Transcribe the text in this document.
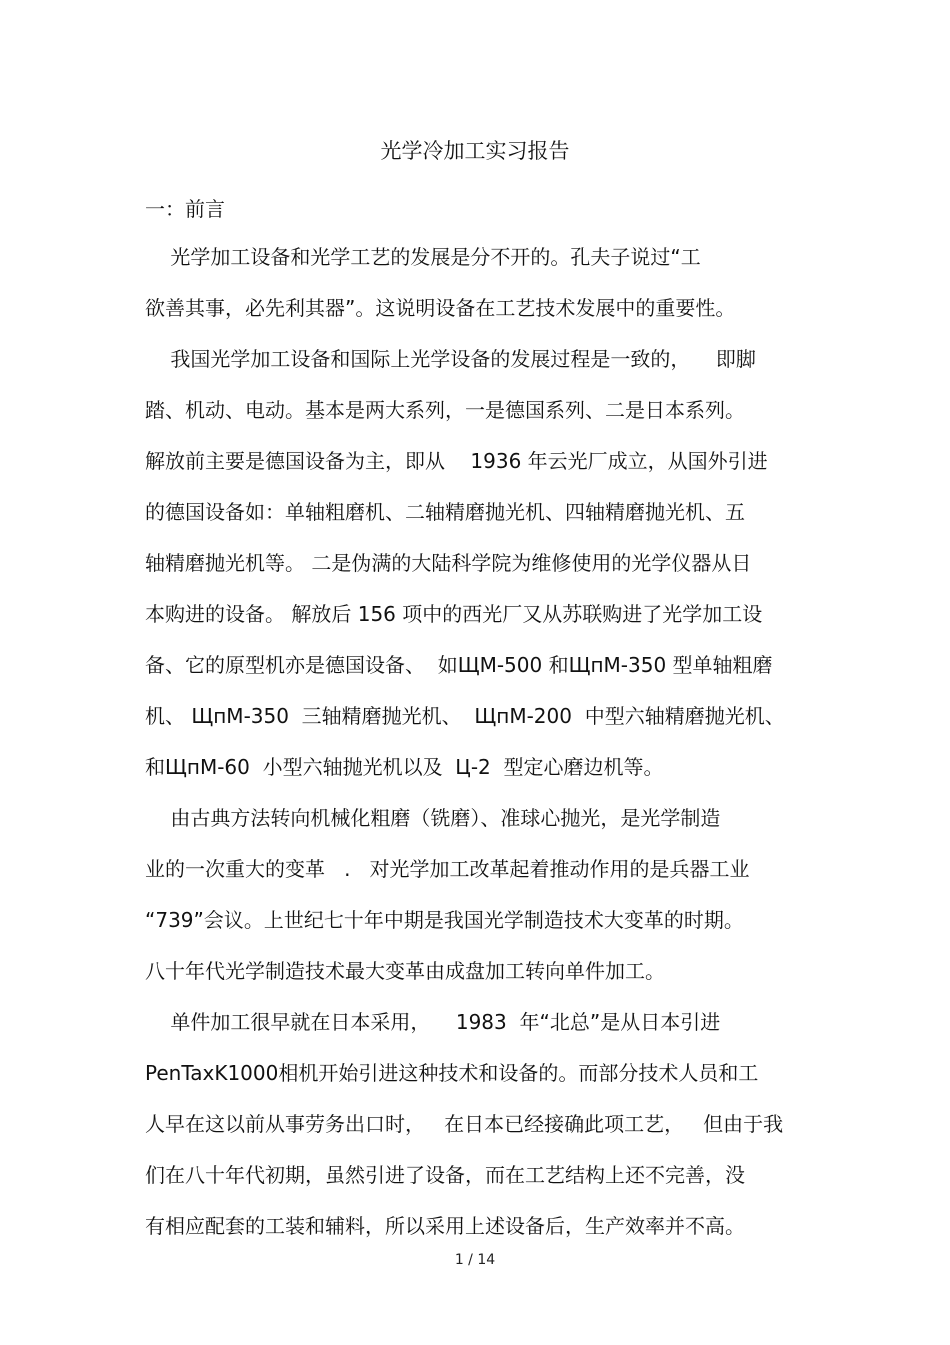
光学冷加工实习报告
一：前言
光学加工设备和光学工艺的发展是分不开的。孔夫子说过“工
欲善其事，必先利其器”。这说明设备在工艺技术发展中的重要性。
我国光学加工设备和国际上光学设备的发展过程是一致的，    即脚
踏、机动、电动。基本是两大系列，一是德国系列、二是日本系列。
解放前主要是德国设备为主，即从    1936 年云光厂成立，从国外引进
的德国设备如：单轴粗磨机、二轴精磨抛光机、四轴精磨抛光机、五
轴精磨抛光机等。 二是伪满的大陆科学院为维修使用的光学仪器从日
本购进的设备。 解放后 156 项中的西光厂又从苏联购进了光学加工设
备、它的原型机亦是德国设备、  如ЩМ-500 和ЩпМ-350 型单轴粗磨
机、 ЩпМ-350  三轴精磨抛光机、  ЩпМ-200  中型六轴精磨抛光机、
和ЩпМ-60  小型六轴抛光机以及  Ц-2  型定心磨边机等。
由古典方法转向机械化粗磨（铣磨）、准球心抛光，是光学制造
业的一次重大的变革   .   对光学加工改革起着推动作用的是兵器工业
“739”会议。上世纪七十年中期是我国光学制造技术大变革的时期。
八十年代光学制造技术最大变革由成盘加工转向单件加工。
单件加工很早就在日本采用，    1983  年“北总”是从日本引进
PenTaxK1000相机开始引进这种技术和设备的。而部分技术人员和工
人早在这以前从事劳务出口时，   在日本已经接确此项工艺，   但由于我
们在八十年代初期，虽然引进了设备，而在工艺结构上还不完善，没
有相应配套的工装和辅料，所以采用上述设备后，生产效率并不高。
1 / 14
